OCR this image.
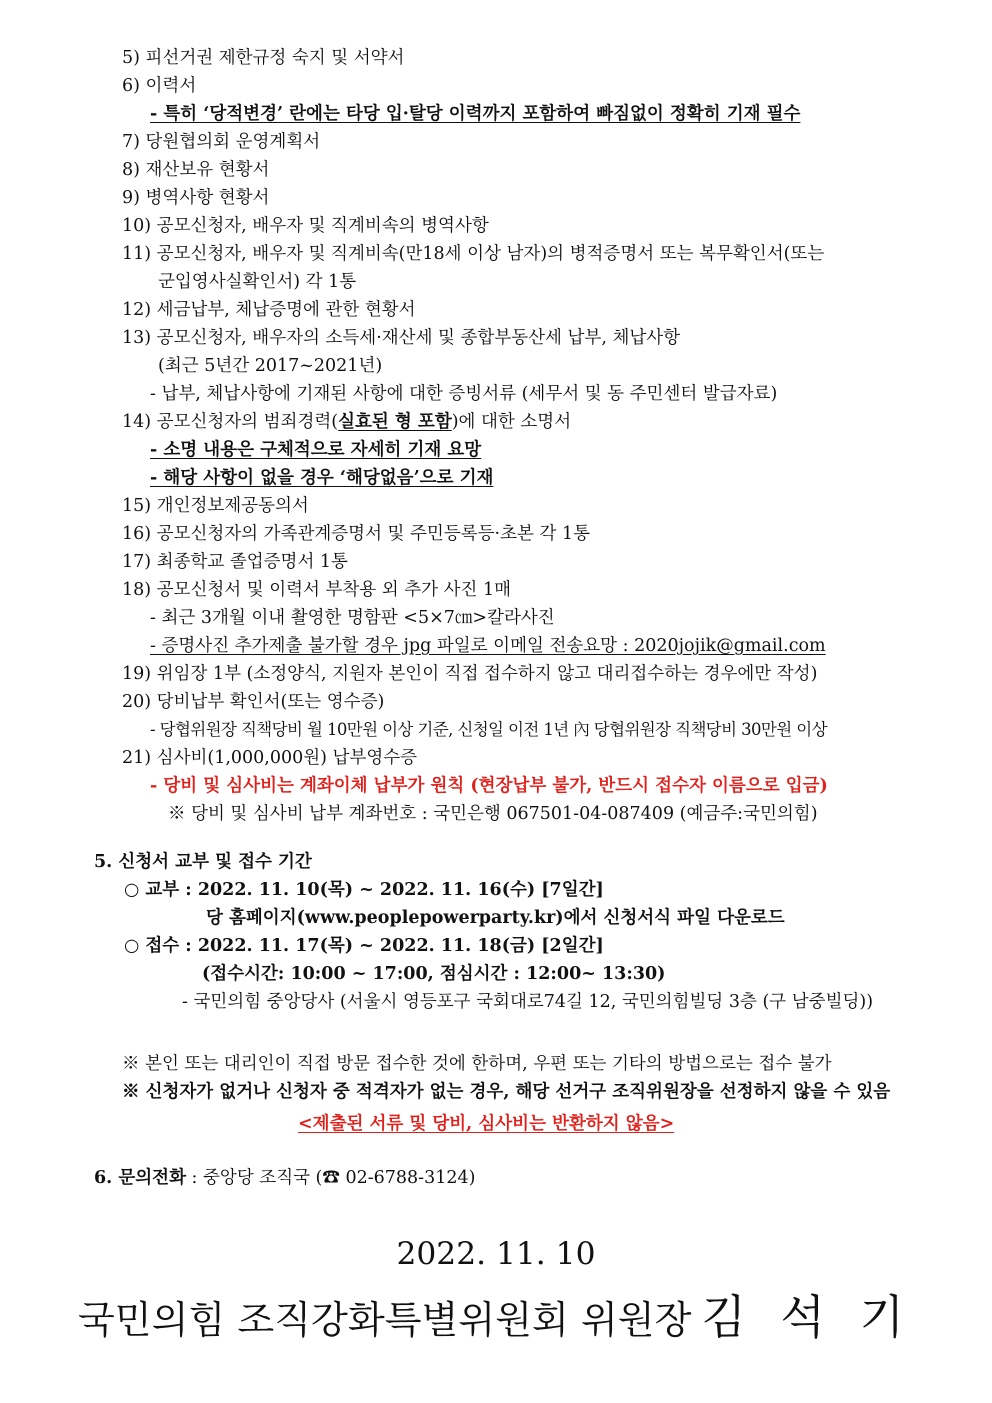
5) 피선거권 제한규정 숙지 및 서약서
6) 이력서
- 특히 ‘당적변경’ 란에는 타당 입·탈당 이력까지 포함하여 빠짐없이 정확히 기재 필수
7) 당원협의회 운영계획서
8) 재산보유 현황서
9) 병역사항 현황서
10) 공모신청자, 배우자 및 직계비속의 병역사항
11) 공모신청자, 배우자 및 직계비속(만18세 이상 남자)의 병적증명서 또는 복무확인서(또는
군입영사실확인서) 각 1통
12) 세금납부, 체납증명에 관한 현황서
13) 공모신청자, 배우자의 소득세·재산세 및 종합부동산세 납부, 체납사항
(최근 5년간 2017~2021년)
- 납부, 체납사항에 기재된 사항에 대한 증빙서류 (세무서 및 동 주민센터 발급자료)
14) 공모신청자의 범죄경력(실효된 형 포함)에 대한 소명서
- 소명 내용은 구체적으로 자세히 기재 요망
- 해당 사항이 없을 경우 ‘해당없음’으로 기재
15) 개인정보제공동의서
16) 공모신청자의 가족관계증명서 및 주민등록등·초본 각 1통
17) 최종학교 졸업증명서 1통
18) 공모신청서 및 이력서 부착용 외 추가 사진 1매
- 최근 3개월 이내 촬영한 명함판 <5×7㎝>칼라사진
- 증명사진 추가제출 불가할 경우 jpg 파일로 이메일 전송요망 : 2020jojik@gmail.com
19) 위임장 1부 (소정양식, 지원자 본인이 직접 접수하지 않고 대리접수하는 경우에만 작성)
20) 당비납부 확인서(또는 영수증)
- 당협위원장 직책당비 월 10만원 이상 기준, 신청일 이전 1년 內 당협위원장 직책당비 30만원 이상
21) 심사비(1,000,000원) 납부영수증
- 당비 및 심사비는 계좌이체 납부가 원칙 (현장납부 불가, 반드시 접수자 이름으로 입금)
※ 당비 및 심사비 납부 계좌번호 : 국민은행 067501-04-087409 (예금주:국민의힘)
5. 신청서 교부 및 접수 기간
○ 교부 : 2022. 11. 10(목) ~ 2022. 11. 16(수) [7일간]
당 홈페이지(www.peoplepowerparty.kr)에서 신청서식 파일 다운로드
○ 접수 : 2022. 11. 17(목) ~ 2022. 11. 18(금) [2일간]
(접수시간: 10:00 ~ 17:00, 점심시간 : 12:00~ 13:30)
- 국민의힘 중앙당사 (서울시 영등포구 국회대로74길 12, 국민의힘빌딩 3층 (구 남중빌딩))
※ 본인 또는 대리인이 직접 방문 접수한 것에 한하며, 우편 또는 기타의 방법으로는 접수 불가
※ 신청자가 없거나 신청자 중 적격자가 없는 경우, 해당 선거구 조직위원장을 선정하지 않을 수 있음
<제출된 서류 및 당비, 심사비는 반환하지 않음>
6. 문의전화 : 중앙당 조직국 (☎ 02-6788-3124)
2022. 11. 10
국민의힘 조직강화특별위원회 위원장 김 석 기
